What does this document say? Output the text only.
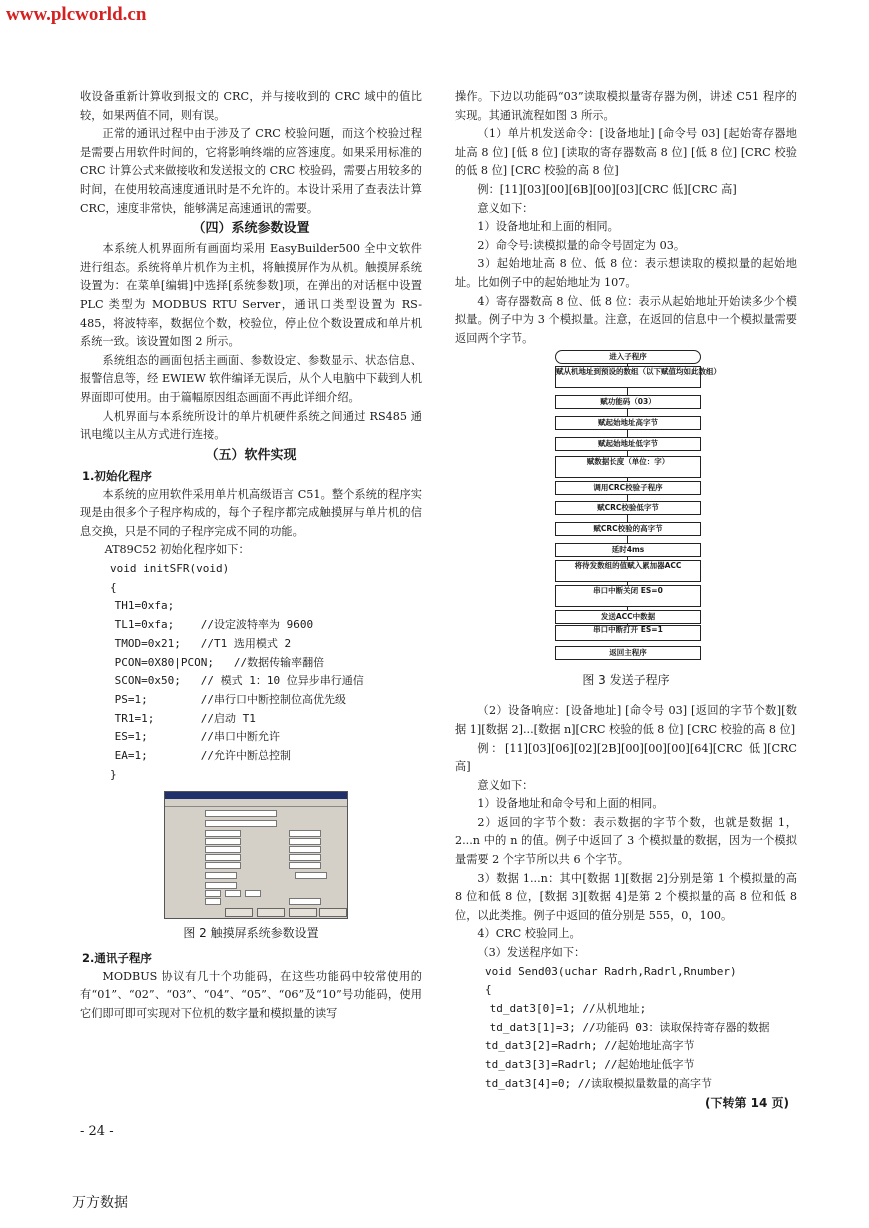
www.plcworld.cn

收设备重新计算收到报文的 CRC，并与接收到的 CRC 域中的值比较，如果两值不同，则有误。

正常的通讯过程中由于涉及了 CRC 校验问题，而这个校验过程是需要占用软件时间的，它将影响终端的应答速度。如果采用标准的 CRC 计算公式来做接收和发送报文的 CRC 校验码，需要占用较多的时间，在使用较高速度通讯时是不允许的。本设计采用了查表法计算 CRC，速度非常快，能够满足高速通讯的需要。

（四）系统参数设置

本系统人机界面所有画面均采用 EasyBuilder500 全中文软件进行组态。系统将单片机作为主机，将触摸屏作为从机。触摸屏系统设置为：在菜单[编辑]中选择[系统参数]项，在弹出的对话框中设置 PLC 类型为 MODBUS RTU Server，通讯口类型设置为 RS-485，将波特率，数据位个数，校验位，停止位个数设置成和单片机系统一致。该设置如图 2 所示。

系统组态的画面包括主画面、参数设定、参数显示、状态信息、报警信息等，经 EWIEW 软件编译无误后，从个人电脑中下载到人机界面即可使用。由于篇幅原因组态画面不再此详细介绍。

人机界面与本系统所设计的单片机硬件系统之间通过 RS485 通讯电缆以主从方式进行连接。

（五）软件实现
1.初始化程序

本系统的应用软件采用单片机高级语言 C51。整个系统的程序实现是由很多个子程序构成的，每个子程序都完成触摸屏与单片机的信息交换，只是不同的子程序完成不同的功能。

AT89C52 初始化程序如下：

void initSFR(void)
{
TH1=0xfa;
TL1=0xfa;    //设定波特率为 9600
TMOD=0x21;   //T1 选用模式 2
PCON=0X80|PCON;   //数据传输率翻倍
SCON=0x50;   // 模式 1：10 位异步串行通信
PS=1;        //串行口中断控制位高优先级
TR1=1;       //启动 T1
ES=1;        //串口中断允许
EA=1;        //允许中断总控制
}
图 2 触摸屏系统参数设置
2.通讯子程序

MODBUS 协议有几十个功能码，在这些功能码中较常使用的有“01”、“02”、“03”、“04”、“05”、“06”及“10”号功能码，使用它们即可即可实现对下位机的数字量和模拟量的读写

操作。下边以功能码“03”读取模拟量寄存器为例，讲述 C51 程序的实现。其通讯流程如图 3 所示。

（1）单片机发送命令：[设备地址] [命令号 03] [起始寄存器地址高 8 位] [低 8 位] [读取的寄存器数高 8 位] [低 8 位] [CRC 校验的低 8 位] [CRC 校验的高 8 位]

例：[11][03][00][6B][00][03][CRC 低][CRC 高]

意义如下：

1）设备地址和上面的相同。

2）命令号:读模拟量的命令号固定为 03。

3）起始地址高 8 位、低 8 位：表示想读取的模拟量的起始地址。比如例子中的起始地址为 107。

4）寄存器数高 8 位、低 8 位：表示从起始地址开始读多少个模拟量。例子中为 3 个模拟量。注意，在返回的信息中一个模拟量需要返回两个字节。

进入子程序
赋从机地址到预设的数组（以下赋值均如此数组）
赋功能码（03）
赋起始地址高字节
赋起始地址低字节
赋数据长度（单位：字）
调用CRC校验子程序
赋CRC校验低字节
赋CRC校验的高字节
延时4ms
将待发数组的值赋入累加器ACC
串口中断关闭 ES=0
发送ACC中数据
串口中断打开 ES=1
返回主程序
图 3 发送子程序

（2）设备响应：[设备地址] [命令号 03] [返回的字节个数][数据 1][数据 2]...[数据 n][CRC 校验的低 8 位] [CRC 校验的高 8 位]

例：[11][03][06][02][2B][00][00][00][64][CRC 低][CRC 高]

意义如下：

1）设备地址和命令号和上面的相同。

2）返回的字节个数：表示数据的字节个数，也就是数据 1，2...n 中的 n 的值。例子中返回了 3 个模拟量的数据，因为一个模拟量需要 2 个字节所以共 6 个字节。

3）数据 1...n：其中[数据 1][数据 2]分别是第 1 个模拟量的高 8 位和低 8 位，[数据 3][数据 4]是第 2 个模拟量的高 8 位和低 8 位，以此类推。例子中返回的值分别是 555，0，100。

4）CRC 校验同上。

（3）发送程序如下：

void Send03(uchar Radrh,Radrl,Rnumber)
{
td_dat3[0]=1; //从机地址;
td_dat3[1]=3; //功能码 03：读取保持寄存器的数据
td_dat3[2]=Radrh; //起始地址高字节
td_dat3[3]=Radrl; //起始地址低字节
td_dat3[4]=0; //读取模拟量数量的高字节
(下转第 14 页)
- 24 -
万方数据
